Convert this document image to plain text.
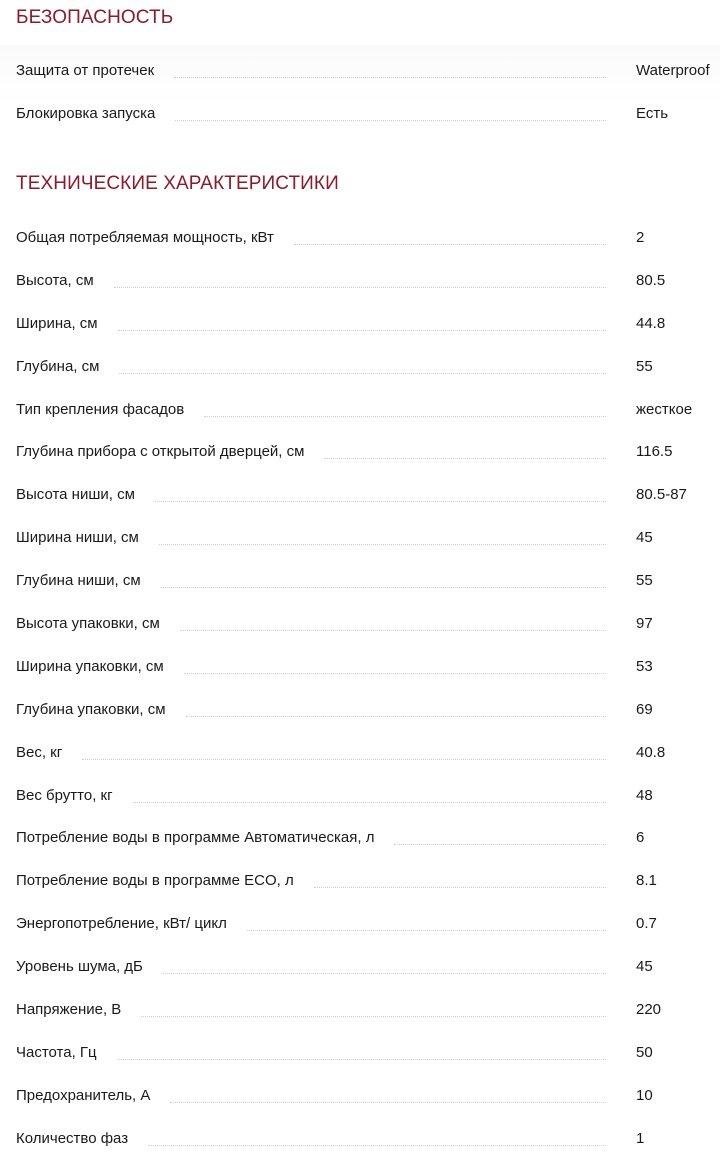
БЕЗОПАСНОСТЬ
Защита от протечек	Waterproof
Блокировка запуска	Есть
ТЕХНИЧЕСКИЕ ХАРАКТЕРИСТИКИ
Общая потребляемая мощность, кВт	2
Высота, см	80.5
Ширина, см	44.8
Глубина, см	55
Тип крепления фасадов	жесткое
Глубина прибора с открытой дверцей, см	116.5
Высота ниши, см	80.5-87
Ширина ниши, см	45
Глубина ниши, см	55
Высота упаковки, см	97
Ширина упаковки, см	53
Глубина упаковки, см	69
Вес, кг	40.8
Вес брутто, кг	48
Потребление воды в программе Автоматическая, л	6
Потребление воды в программе ECO, л	8.1
Энергопотребление, кВт/ цикл	0.7
Уровень шума, дБ	45
Напряжение, В	220
Частота, Гц	50
Предохранитель, А	10
Количество фаз	1
